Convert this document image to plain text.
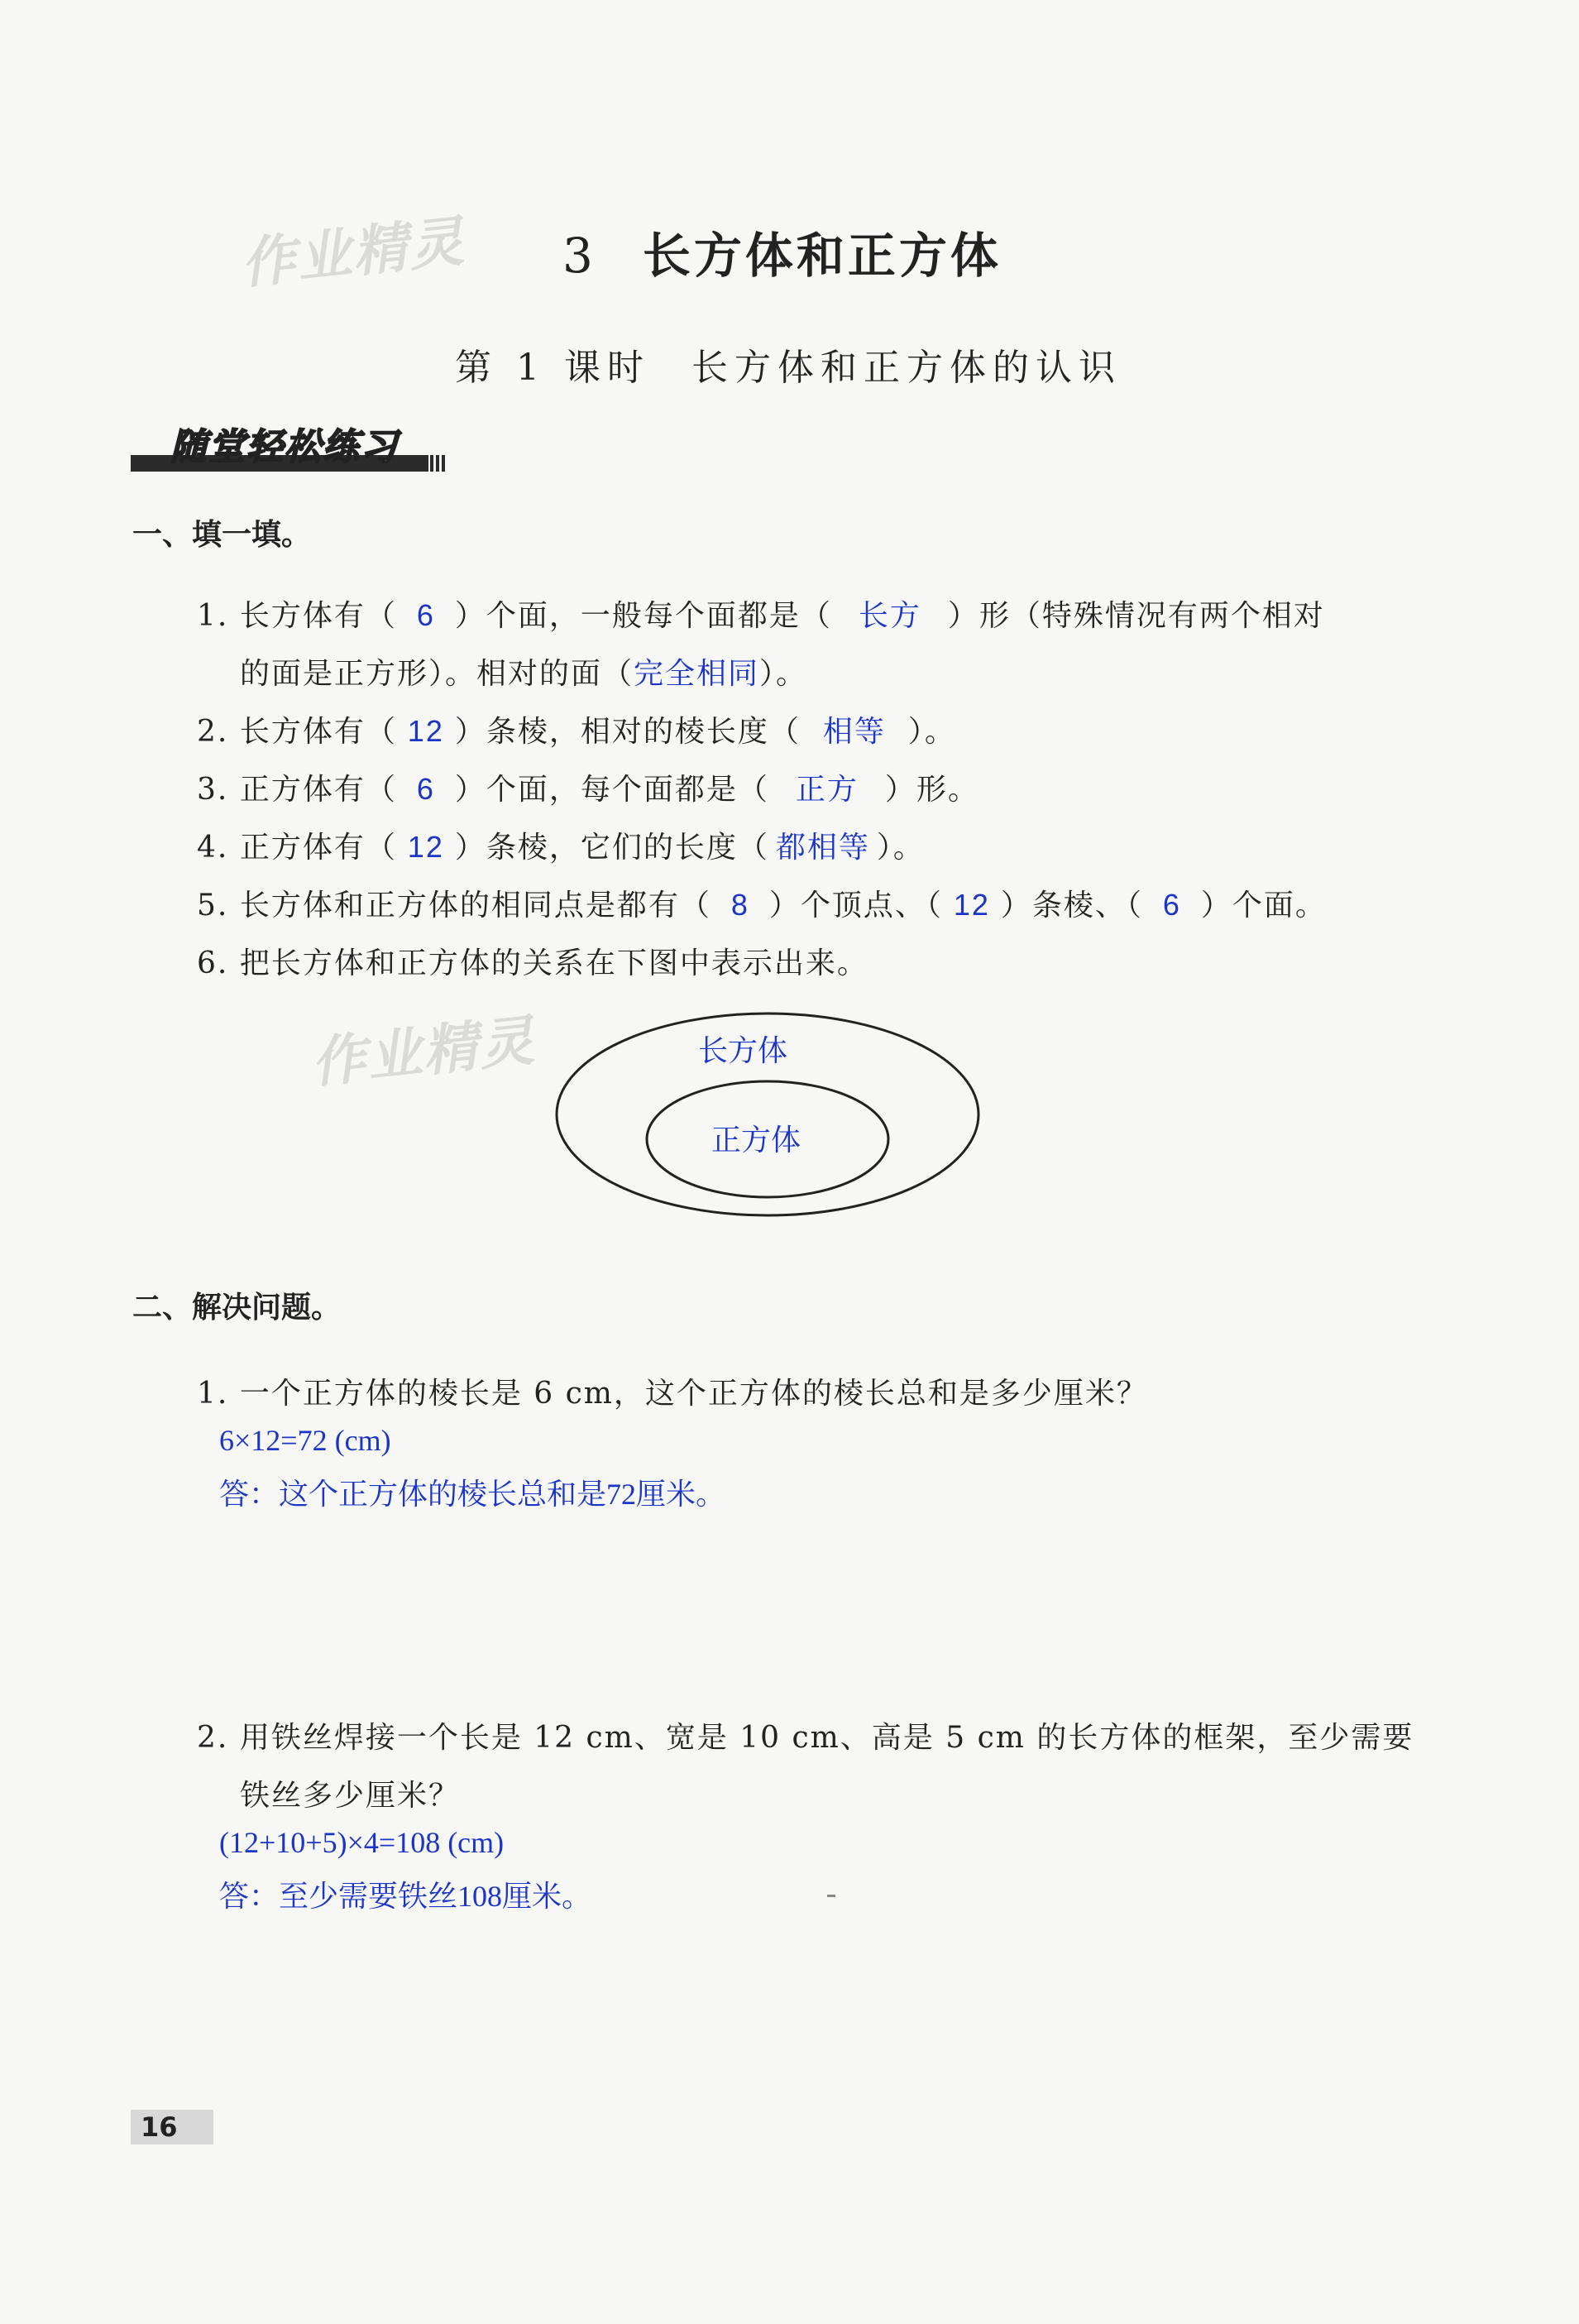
作业精灵
作业精灵
3 长方体和正方体
第 1 课时 长方体和正方体的认识
随堂轻松练习
一、填一填。
1. 长方体有（ 6 ）个面，一般每个面都是（ 长方 ）形（特殊情况有两个相对
的面是正方形）。相对的面（完全相同）。
2. 长方体有（ 12 ）条棱，相对的棱长度（ 相等 ）。
3. 正方体有（ 6 ）个面，每个面都是（ 正方 ）形。
4. 正方体有（ 12 ）条棱，它们的长度（ 都相等 ）。
5. 长方体和正方体的相同点是都有（ 8 ）个顶点、（ 12 ）条棱、（ 6 ）个面。
6. 把长方体和正方体的关系在下图中表示出来。
长方体
正方体
二、解决问题。
1. 一个正方体的棱长是 6 cm，这个正方体的棱长总和是多少厘米？
6×12=72 (cm)
答：这个正方体的棱长总和是72厘米。
2. 用铁丝焊接一个长是 12 cm、宽是 10 cm、高是 5 cm 的长方体的框架，至少需要
铁丝多少厘米？
(12+10+5)×4=108 (cm)
答：至少需要铁丝108厘米。
16
